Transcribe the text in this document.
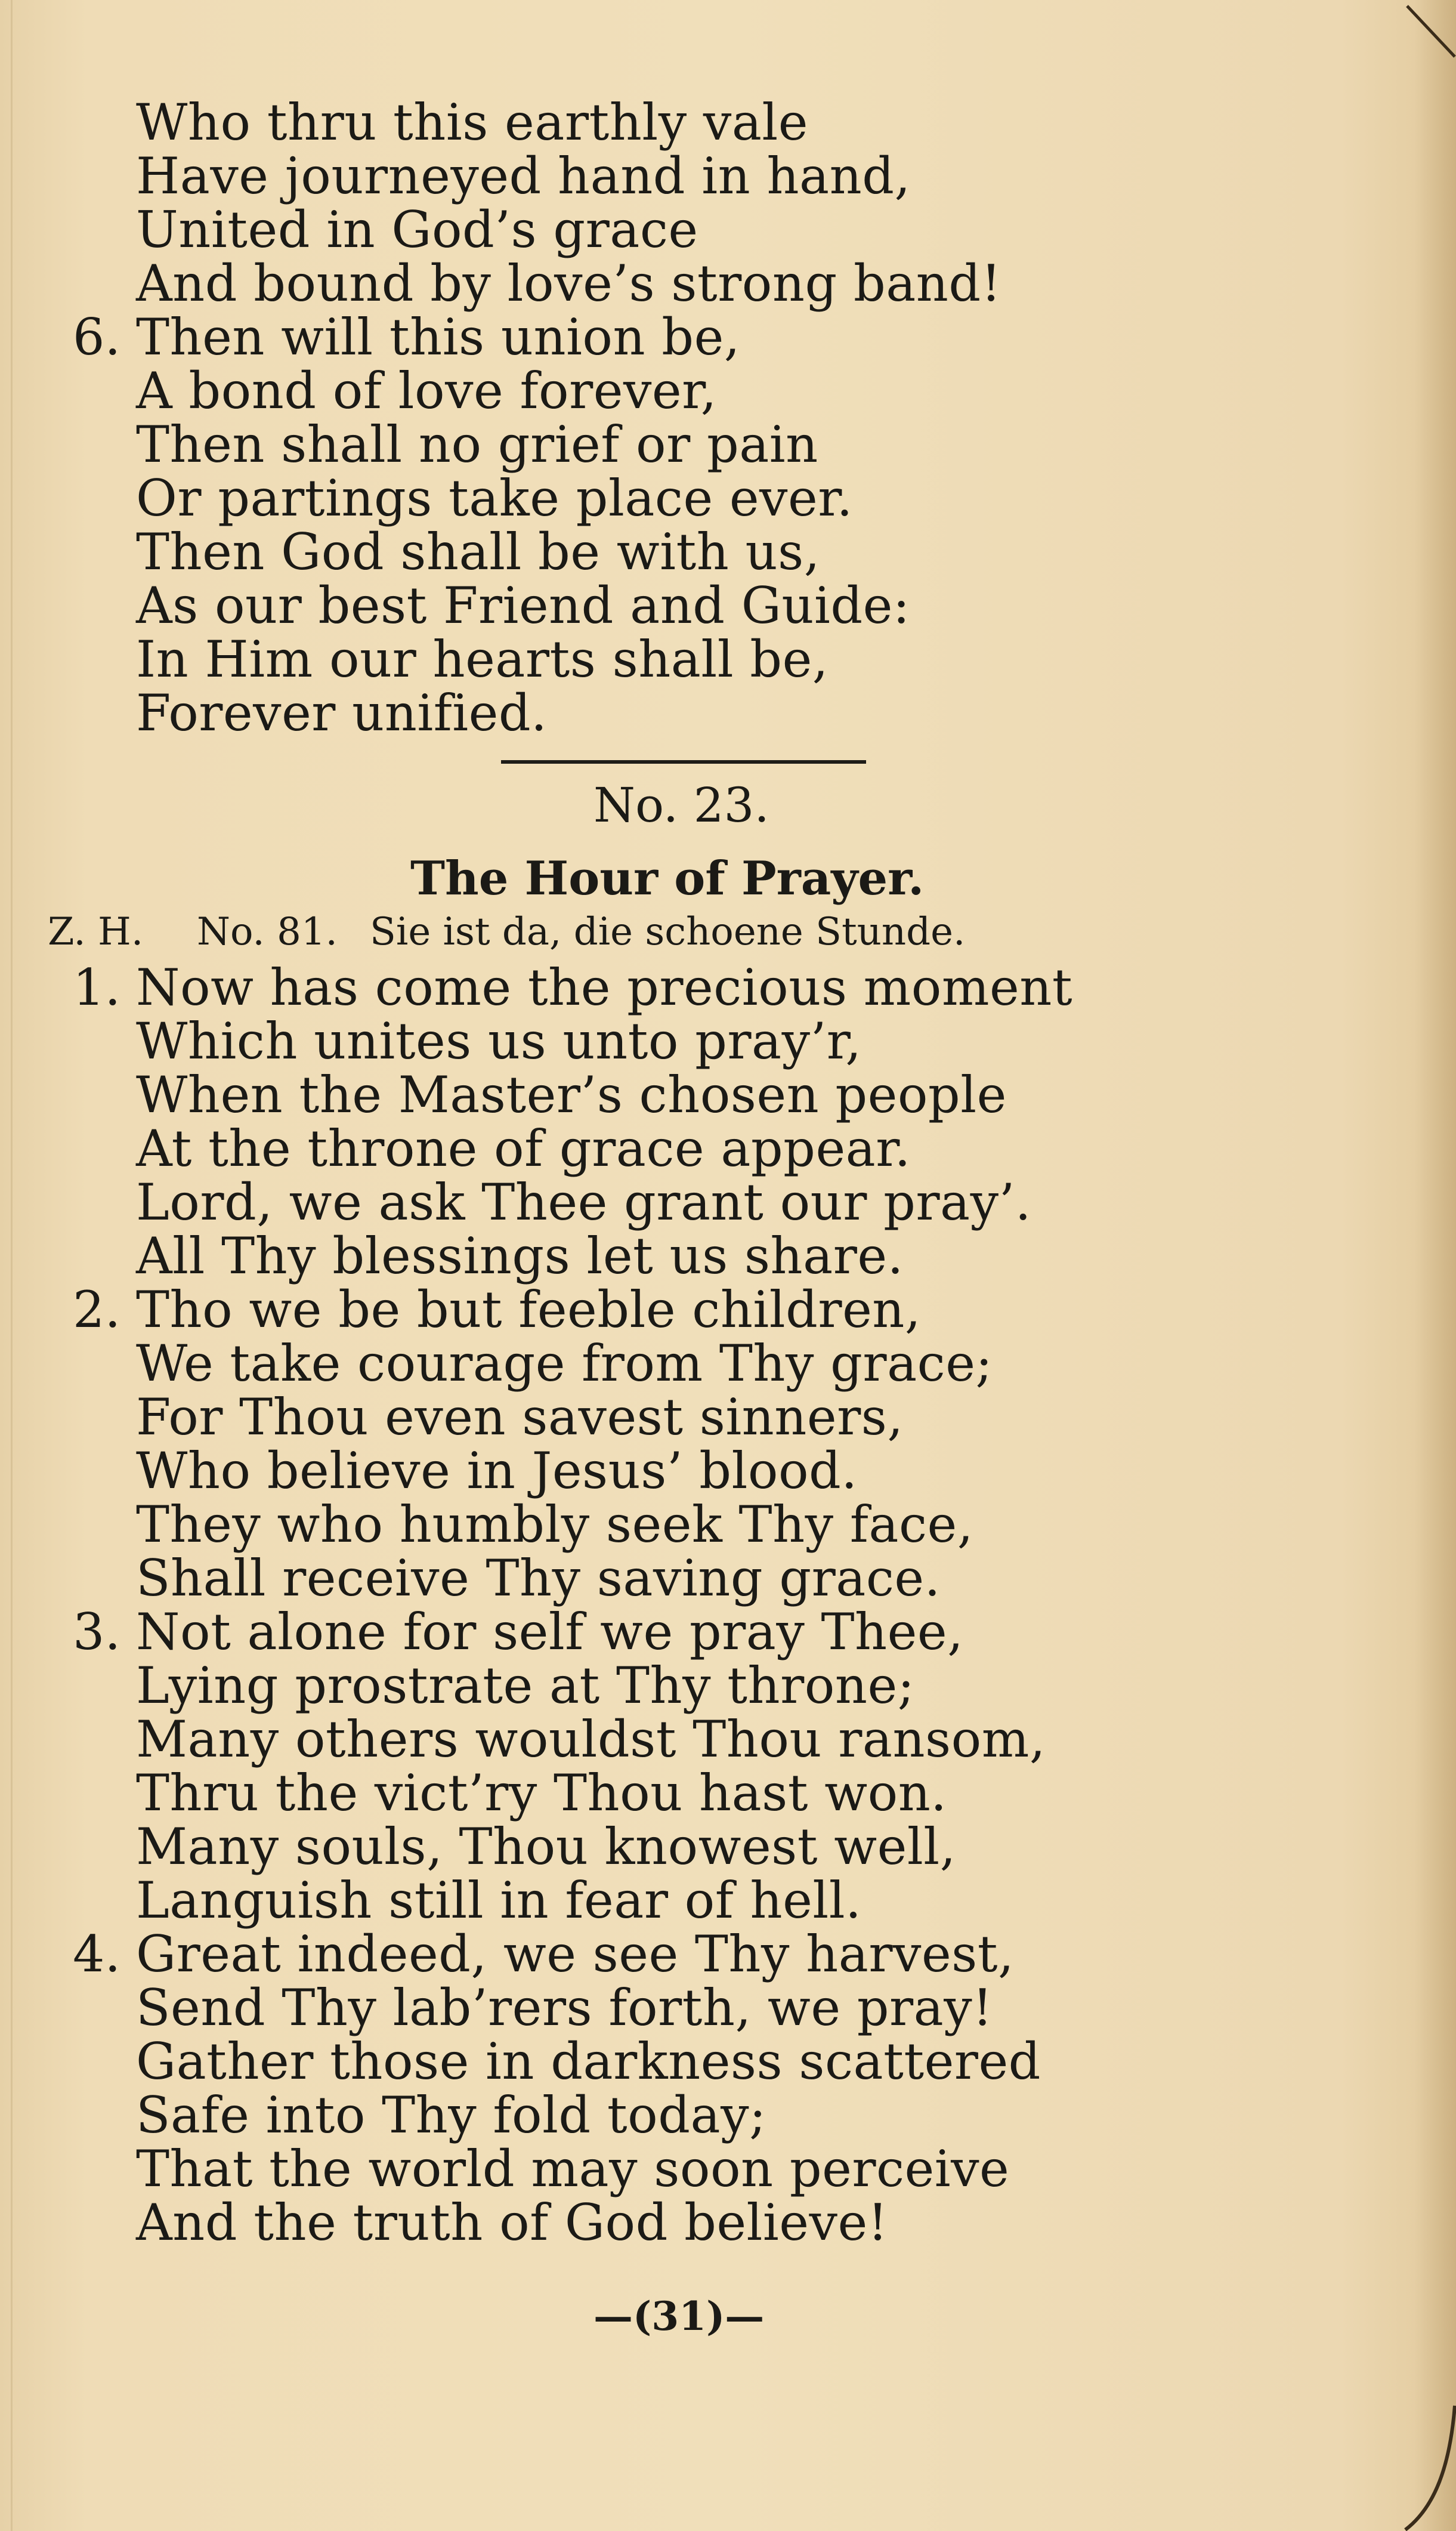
Who thru this earthly vale
Have journeyed hand in hand,
United in God’s grace
And bound by love’s strong band!
6. Then will this union be,
A bond of love forever,
Then shall no grief or pain
Or partings take place ever.
Then God shall be with us,
As our best Friend and Guide:
In Him our hearts shall be,
Forever unified.
No. 23.
The Hour of Prayer.
Z. H. No. 81. Sie ist da, die schoene Stunde.
1. Now has come the precious moment
Which unites us unto pray’r,
When the Master’s chosen people
At the throne of grace appear.
Lord, we ask Thee grant our pray’.
All Thy blessings let us share.
2. Tho we be but feeble children,
We take courage from Thy grace;
For Thou even savest sinners,
Who believe in Jesus’ blood.
They who humbly seek Thy face,
Shall receive Thy saving grace.
3. Not alone for self we pray Thee,
Lying prostrate at Thy throne;
Many others wouldst Thou ransom,
Thru the vict’ry Thou hast won.
Many souls, Thou knowest well,
Languish still in fear of hell.
4. Great indeed, we see Thy harvest,
Send Thy lab’rers forth, we pray!
Gather those in darkness scattered
Safe into Thy fold today;
That the world may soon perceive
And the truth of God believe!
—(31)—
